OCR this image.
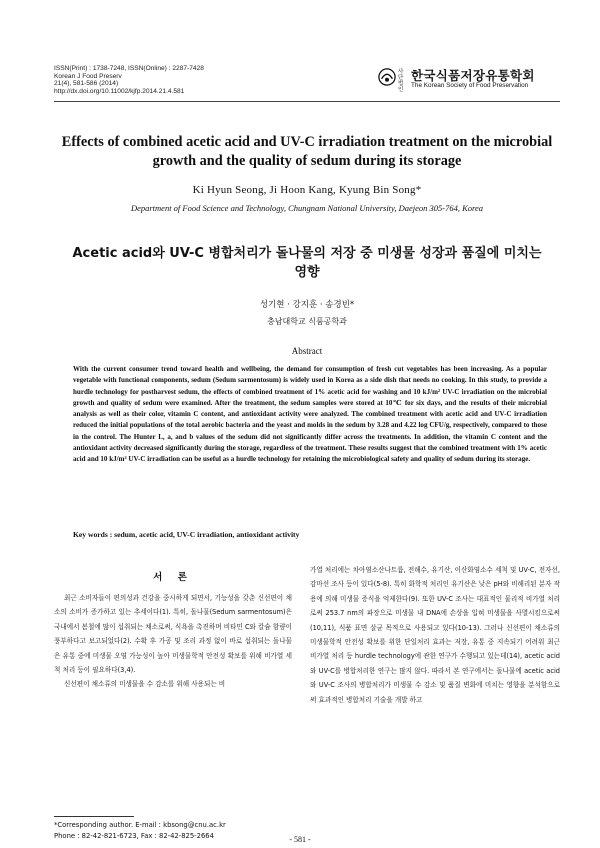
ISSN(Print) : 1738-7248, ISSN(Online) : 2287-7428
Korean J Food Preserv
21(4), 581-586 (2014)
http://dx.doi.org/10.11002/kjfp.2014.21.4.581
사단 법인
한국식품저장유통학회
The Korean Society of Food Preservation
Effects of combined acetic acid and UV-C irradiation treatment on the microbial growth and the quality of sedum during its storage
Ki Hyun Seong, Ji Hoon Kang, Kyung Bin Song*
Department of Food Science and Technology, Chungnam National University, Daejeon 305-764, Korea
Acetic acid와 UV-C 병합처리가 돌나물의 저장 중 미생물 성장과 품질에 미치는 영향
성기현 · 강지훈 · 송경빈*
충남대학교 식품공학과
Abstract
With the current consumer trend toward health and wellbeing, the demand for consumption of fresh cut vegetables has been increasing. As a popular vegetable with functional components, sedum (Sedum sarmentosum) is widely used in Korea as a side dish that needs no cooking. In this study, to provide a hurdle technology for postharvest sedum, the effects of combined treatment of 1% acetic acid for washing and 10 kJ/m² UV-C irradiation on the microbial growth and quality of sedum were examined. After the treatment, the sedum samples were stored at 10℃ for six days, and the results of their microbial analysis as well as their color, vitamin C content, and antioxidant activity were analyzed. The combined treatment with acetic acid and UV-C irradiation reduced the initial populations of the total aerobic bacteria and the yeast and molds in the sedum by 3.28 and 4.22 log CFU/g, respectively, compared to those in the control. The Hunter L, a, and b values of the sedum did not significantly differ across the treatments. In addition, the vitamin C content and the antioxidant activity decreased significantly during the storage, regardless of the treatment. These results suggest that the combined treatment with 1% acetic acid and 10 kJ/m² UV-C irradiation can be useful as a hurdle technology for retaining the microbiological safety and quality of sedum during its storage.
Key words : sedum, acetic acid, UV-C irradiation, antioxidant activity
서 론

최근 소비자들이 편의성과 건강을 중시하게 되면서, 기능성을 갖춘 신선편이 채소의 소비가 증가하고 있는 추세이다(1). 특히, 돌나물(Sedum sarmentosum)은 국내에서 봄철에 많이 섭취되는 채소로써, 식욕을 촉진하며 비타민 C와 칼슘 함량이 풍부하다고 보고되었다(2). 수확 후 가공 및 조리 과정 없이 바로 섭취되는 돌나물은 유통 중에 미생물 오염 가능성이 높아 미생물학적 안전성 확보를 위해 비가열 세척 처리 등이 필요하다(3,4).

신선편이 채소류의 미생물을 수 감소를 위해 사용되는 비

가열 처리에는 차아염소산나트륨, 전해수, 유기산, 이산화염소수 세척 및 UV-C, 전자선, 감마선 조사 등이 있다(5-8). 특히 화학적 처리인 유기산은 낮은 pH와 비해리된 분자 작용에 의해 미생물 증식을 억제한다(9). 또한 UV-C 조사는 대표적인 물리적 비가열 처리로써 253.7 nm의 파장으로 미생물 내 DNA에 손상을 입혀 미생물을 사멸시킴으로써 (10,11), 식품 표면 살균 목적으로 사용되고 있다(10-13). 그러나 신선편이 채소류의 미생물학적 안전성 확보를 위한 단일처리 효과는 저장, 유통 중 지속되기 어려워 최근 비가열 처리 등 hurdle technology에 관한 연구가 수행되고 있는데(14), acetic acid와 UV-C를 병합처리한 연구는 많지 않다. 따라서 본 연구에서는 돌나물에 acetic acid와 UV-C 조사의 병합처리가 미생물 수 감소 및 품질 변화에 미치는 영향을 분석함으로써 효과적인 병합처리 기술을 개발 하고

*Corresponding author. E-mail : kbsong@cnu.ac.kr
Phone : 82-42-821-6723, Fax : 82-42-825-2664	- 581 -
